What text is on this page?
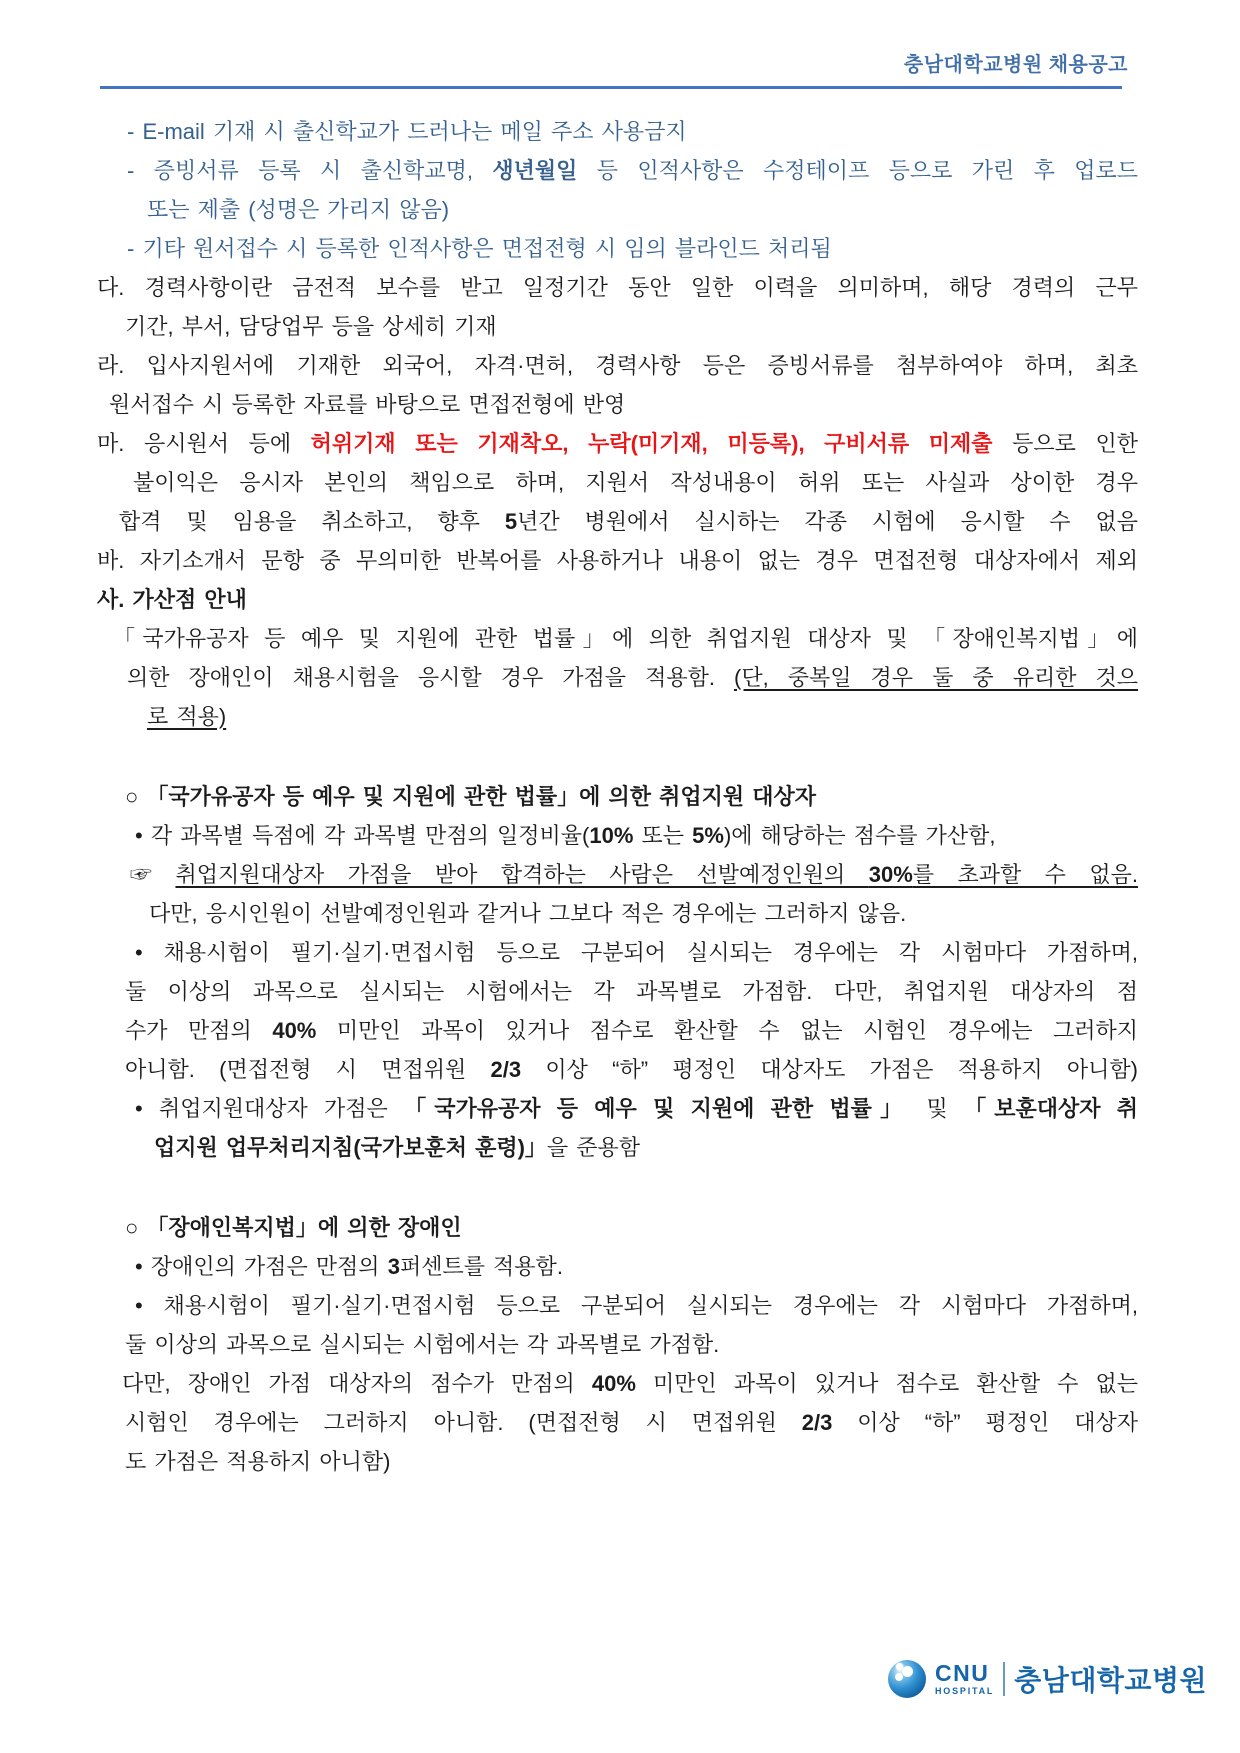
충남대학교병원 채용공고
- E-mail 기재 시 출신학교가 드러나는 메일 주소 사용금지
- 증빙서류 등록 시 출신학교명, 생년월일 등 인적사항은 수정테이프 등으로 가린 후 업로드
또는 제출 (성명은 가리지 않음)
- 기타 원서접수 시 등록한 인적사항은 면접전형 시 임의 블라인드 처리됨
다. 경력사항이란 금전적 보수를 받고 일정기간 동안 일한 이력을 의미하며, 해당 경력의 근무
기간, 부서, 담당업무 등을 상세히 기재
라. 입사지원서에 기재한 외국어, 자격·면허, 경력사항 등은 증빙서류를 첨부하여야 하며, 최초
원서접수 시 등록한 자료를 바탕으로 면접전형에 반영
마. 응시원서 등에 허위기재 또는 기재착오, 누락(미기재, 미등록), 구비서류 미제출 등으로 인한
불이익은 응시자 본인의 책임으로 하며, 지원서 작성내용이 허위 또는 사실과 상이한 경우
합격 및 임용을 취소하고, 향후 5년간 병원에서 실시하는 각종 시험에 응시할 수 없음
바. 자기소개서 문항 중 무의미한 반복어를 사용하거나 내용이 없는 경우 면접전형 대상자에서 제외
사. 가산점 안내
「국가유공자 등 예우 및 지원에 관한 법률」에 의한 취업지원 대상자 및 「장애인복지법」에
의한 장애인이 채용시험을 응시할 경우 가점을 적용함. (단, 중복일 경우 둘 중 유리한 것으
로 적용)
○ 「국가유공자 등 예우 및 지원에 관한 법률」에 의한 취업지원 대상자
• 각 과목별 득점에 각 과목별 만점의 일정비율(10% 또는 5%)에 해당하는 점수를 가산함,
☞ 취업지원대상자 가점을 받아 합격하는 사람은 선발예정인원의 30%를 초과할 수 없음.
다만, 응시인원이 선발예정인원과 같거나 그보다 적은 경우에는 그러하지 않음.
• 채용시험이 필기·실기·면접시험 등으로 구분되어 실시되는 경우에는 각 시험마다 가점하며,
둘 이상의 과목으로 실시되는 시험에서는 각 과목별로 가점함. 다만, 취업지원 대상자의 점
수가 만점의 40% 미만인 과목이 있거나 점수로 환산할 수 없는 시험인 경우에는 그러하지
아니함. (면접전형 시 면접위원 2/3 이상 “하” 평정인 대상자도 가점은 적용하지 아니함)
• 취업지원대상자 가점은 「국가유공자 등 예우 및 지원에 관한 법률」 및 「보훈대상자 취
업지원 업무처리지침(국가보훈처 훈령)」을 준용함
○ 「장애인복지법」에 의한 장애인
• 장애인의 가점은 만점의 3퍼센트를 적용함.
• 채용시험이 필기·실기·면접시험 등으로 구분되어 실시되는 경우에는 각 시험마다 가점하며,
둘 이상의 과목으로 실시되는 시험에서는 각 과목별로 가점함.
다만, 장애인 가점 대상자의 점수가 만점의 40% 미만인 과목이 있거나 점수로 환산할 수 없는
시험인 경우에는 그러하지 아니함. (면접전형 시 면접위원 2/3 이상 “하” 평정인 대상자
도 가점은 적용하지 아니함)
CNU
HOSPITAL 충남대학교병원
